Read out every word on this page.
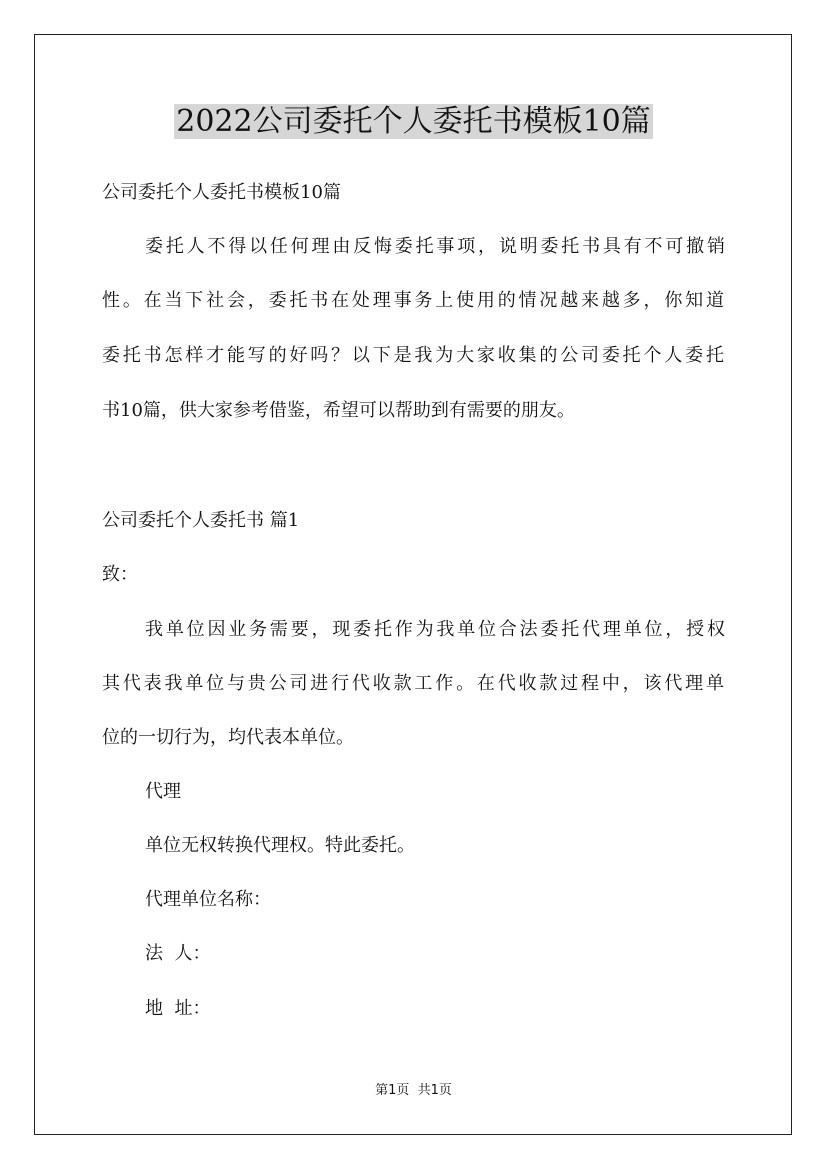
2022公司委托个人委托书模板10篇
公司委托个人委托书模板10篇
委托人不得以任何理由反悔委托事项，说明委托书具有不可撤销
性。在当下社会，委托书在处理事务上使用的情况越来越多，你知道
委托书怎样才能写的好吗？以下是我为大家收集的公司委托个人委托
书10篇，供大家参考借鉴，希望可以帮助到有需要的朋友。
公司委托个人委托书 篇1
致：
我单位因业务需要，现委托作为我单位合法委托代理单位，授权
其代表我单位与贵公司进行代收款工作。在代收款过程中，该代理单
位的一切行为，均代表本单位。
代理
单位无权转换代理权。特此委托。
代理单位名称：
法  人：
地  址：
第1页  共1页
